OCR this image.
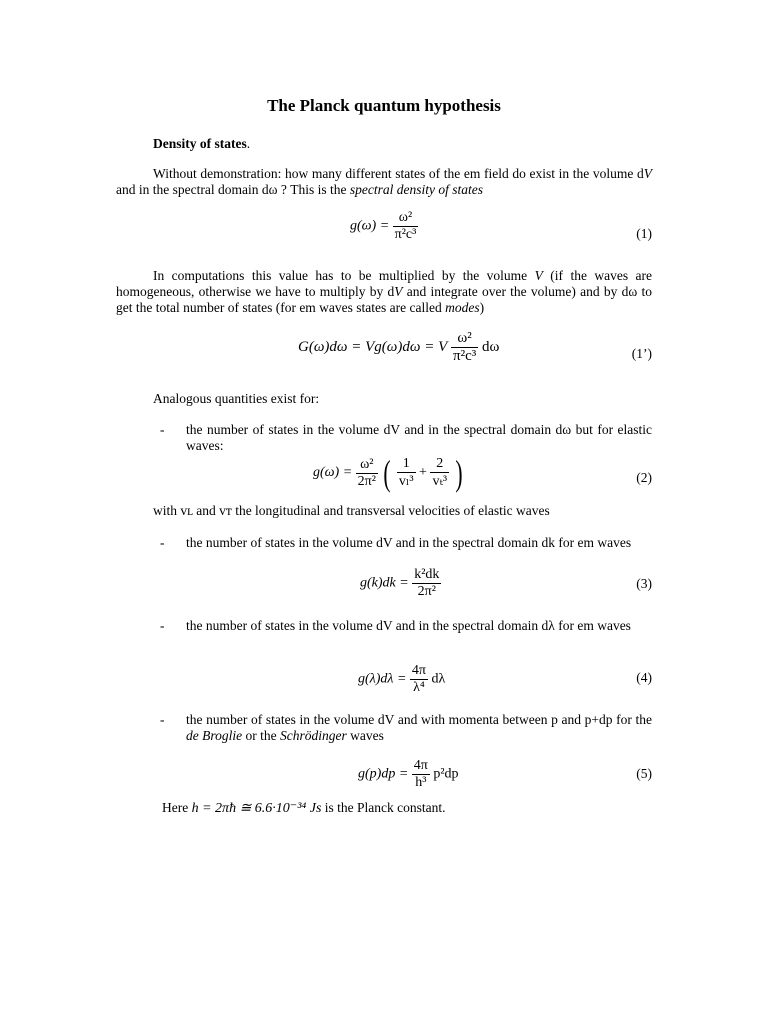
The Planck quantum hypothesis
Density of states.
Without demonstration: how many different states of the em field do exist in the volume dV and in the spectral domain dω ? This is the spectral density of states
$g(\omega) = \frac{\text{ω²}}{\text{π²c³}}$	(1)
In computations this value has to be multiplied by the volume V (if the waves are homogeneous, otherwise we have to multiply by dV and integrate over the volume) and by dω to get the total number of states (for em waves states are called modes)
G(ω)dω = Vg(ω)dω = V $\frac{\text{ω²}}{\text{π²c³}}$ dω	(1’)
Analogous quantities exist for:
- the number of states in the volume dV and in the spectral domain dω but for elastic waves:
$g(\omega) = \frac{\text{ω²}}{\text{2π²}}$ ( $\frac{1}{\text{vₗ³}} + \frac{2}{\text{vₜ³}}$ )	(2)
with vʟ and vᴛ the longitudinal and transversal velocities of elastic waves
- the number of states in the volume dV and in the spectral domain dk for em waves
$g(k)dk = \frac{\text{k²dk}}{\text{2π²}}$	(3)
- the number of states in the volume dV and in the spectral domain dλ for em waves
$g(\lambda)d\lambda = \frac{4\pi}{\text{λ⁴}}$ dλ	(4)
- the number of states in the volume dV and with momenta between p and p+dp for the de Broglie or the Schrödinger waves
$g(p)dp = \frac{4\pi}{\text{h³}} p^2dp$	(5)
Here h = 2πħ ≅ 6.6·10⁻³⁴ Js is the Planck constant.
